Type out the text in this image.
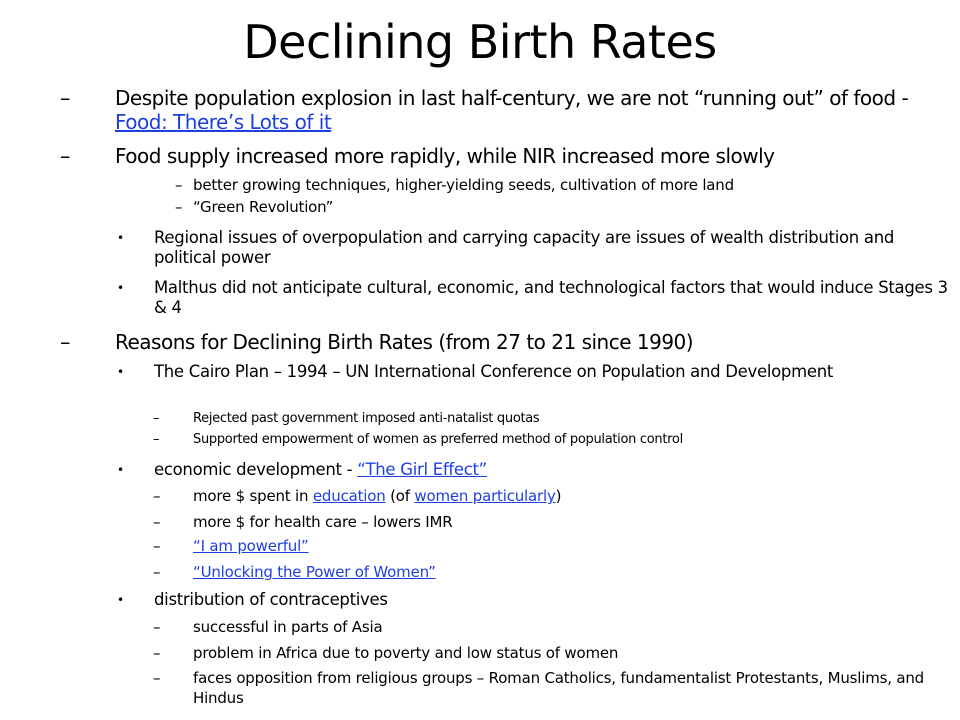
Declining Birth Rates
– Despite population explosion in last half-century, we are not “running out” of food - Food: There’s Lots of it
– Food supply increased more rapidly, while NIR increased more slowly
– better growing techniques, higher-yielding seeds, cultivation of more land
– “Green Revolution”
• Regional issues of overpopulation and carrying capacity are issues of wealth distribution and political power
• Malthus did not anticipate cultural, economic, and technological factors that would induce Stages 3 & 4
– Reasons for Declining Birth Rates (from 27 to 21 since 1990)
• The Cairo Plan – 1994 – UN International Conference on Population and Development
–	Rejected past government imposed anti-natalist quotas
–	Supported empowerment of women as preferred method of population control
• economic development - “The Girl Effect”
– more $ spent in education (of women particularly)
– more $ for health care – lowers IMR
– “I am powerful”
– “Unlocking the Power of Women”
• distribution of contraceptives
– successful in parts of Asia
– problem in Africa due to poverty and low status of women
– faces opposition from religious groups – Roman Catholics, fundamentalist Protestants, Muslims, and Hindus
